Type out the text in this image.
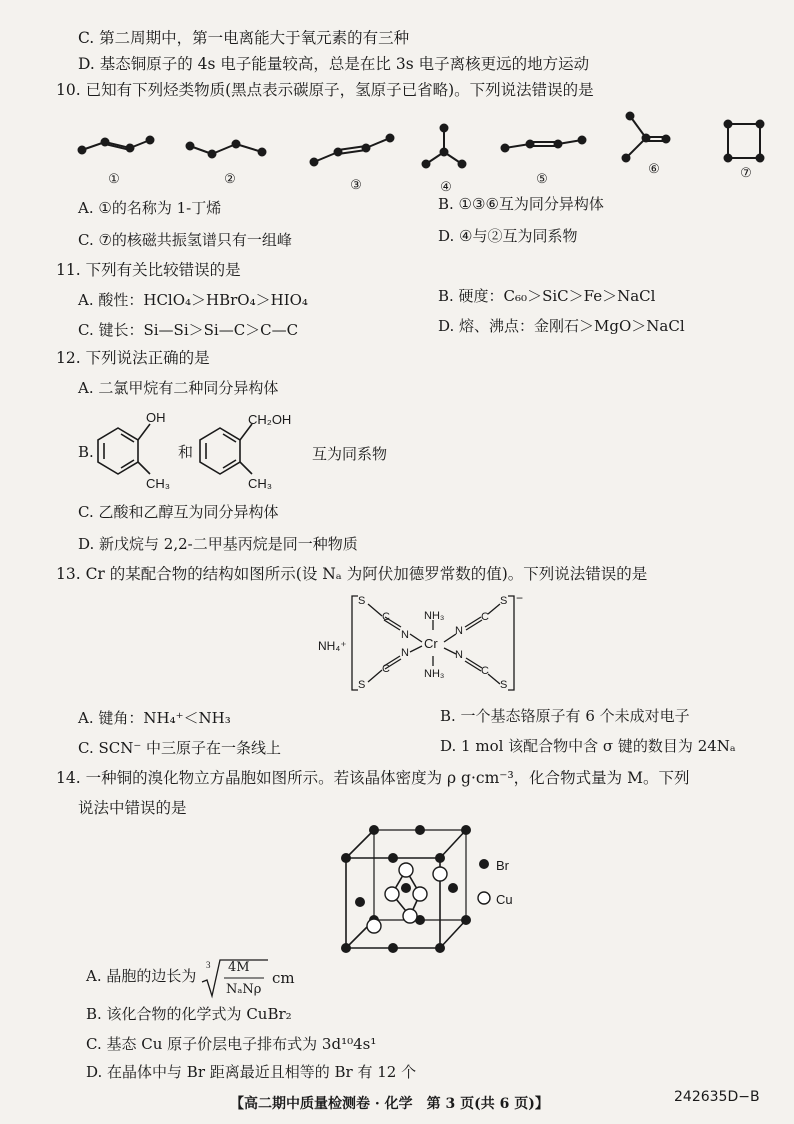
C. 第二周期中，第一电离能大于氧元素的有三种
D. 基态铜原子的 4s 电子能量较高，总是在比 3s 电子离核更远的地方运动
10. 已知有下列烃类物质(黑点表示碳原子，氢原子已省略)。下列说法错误的是
①	②	③	④
⑤
⑥	⑦
A. ①的名称为 1-丁烯	B. ①③⑥互为同分异构体
C. ⑦的核磁共振氢谱只有一组峰	D. ④与②互为同系物
11. 下列有关比较错误的是
A. 酸性：HClO₄＞HBrO₄＞HIO₄	B. 硬度：C₆₀＞SiC＞Fe＞NaCl
C. 键长：Si—Si＞Si—C＞C—C	D. 熔、沸点：金刚石＞MgO＞NaCl
12. 下列说法正确的是
A. 二氯甲烷有二种同分异构体
B.
OH
CH₃
和
CH₂OH
CH₃
互为同系物
C. 乙酸和乙醇互为同分异构体
D. 新戊烷与 2,2-二甲基丙烷是同一种物质
13. Cr 的某配合物的结构如图所示(设 Nₐ 为阿伏加德罗常数的值)。下列说法错误的是
S
C
N
S
C
N
N
C
S
N
C
S
NH₄⁺	Cr
NH₃
NH₃
−
A. 键角：NH₄⁺＜NH₃	B. 一个基态铬原子有 6 个未成对电子
C. SCN⁻ 中三原子在一条线上	D. 1 mol 该配合物中含 σ 键的数目为 24Nₐ
14. 一种铜的溴化物立方晶胞如图所示。若该晶体密度为 ρ g·cm⁻³，化合物式量为 M。下列
说法中错误的是
Br
Cu
A. 晶胞的边长为
3 4M
NₐNρ
cm
B. 该化合物的化学式为 CuBr₂
C. 基态 Cu 原子价层电子排布式为 3d¹⁰4s¹
D. 在晶体中与 Br 距离最近且相等的 Br 有 12 个
【高二期中质量检测卷 · 化学　第 3 页(共 6 页)】	242635D−B
